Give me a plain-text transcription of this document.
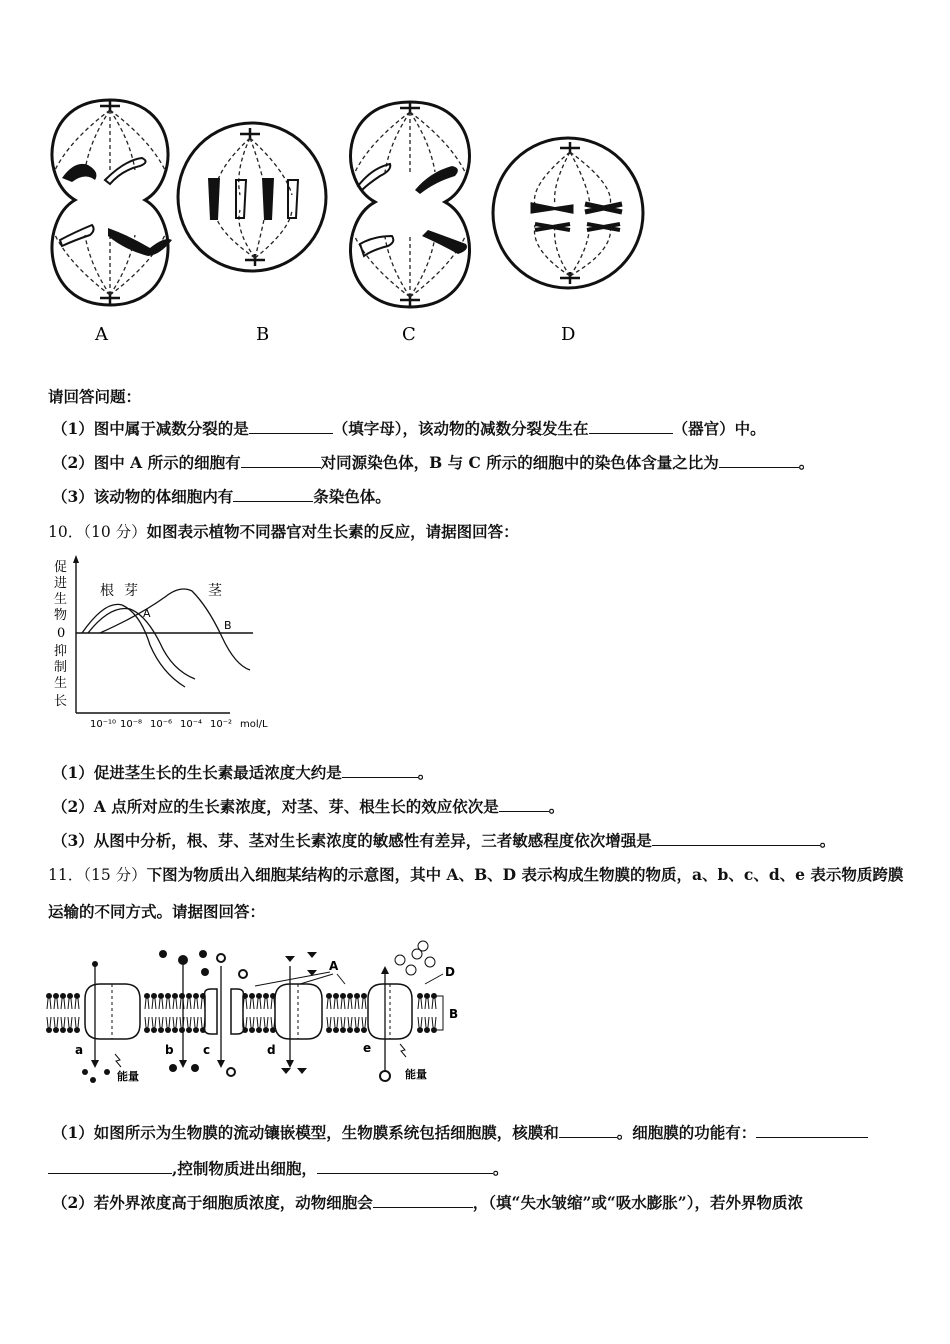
A	B	C	D
请回答问题：
（1）图中属于减数分裂的是	（填字母），该动物的减数分裂发生在	（器官）中。
（2）图中 A 所示的细胞有	对同源染色体，B 与 C 所示的细胞中的染色体含量之比为	。
（3）该动物的体细胞内有	条染色体。
10．（10 分）如图表示植物不同器官对生长素的反应，请据图回答：
促
进
生
物
0
抑
制
生
长
根 芽	茎
A
B
10⁻¹⁰ 10⁻⁸ 10⁻⁶ 10⁻⁴ 10⁻² mol/L
（1）促进茎生长的生长素最适浓度大约是	。
（2）A 点所对应的生长素浓度，对茎、芽、根生长的效应依次是	。
（3）从图中分析，根、芽、茎对生长素浓度的敏感性有差异，三者敏感程度依次增强是	。
11．（15 分）下图为物质出入细胞某结构的示意图，其中 A、B、D 表示构成生物膜的物质，a、b、c、d、e 表示物质跨膜
运输的不同方式。请据图回答：
A
B
D
a	b c	d	e
能量	能量
（1）如图所示为生物膜的流动镶嵌模型，生物膜系统包括细胞膜，核膜和	。细胞膜的功能有：
,控制物质进出细胞，	。
（2）若外界浓度高于细胞质浓度，动物细胞会	，（填“失水皱缩”或“吸水膨胀”），若外界物质浓
